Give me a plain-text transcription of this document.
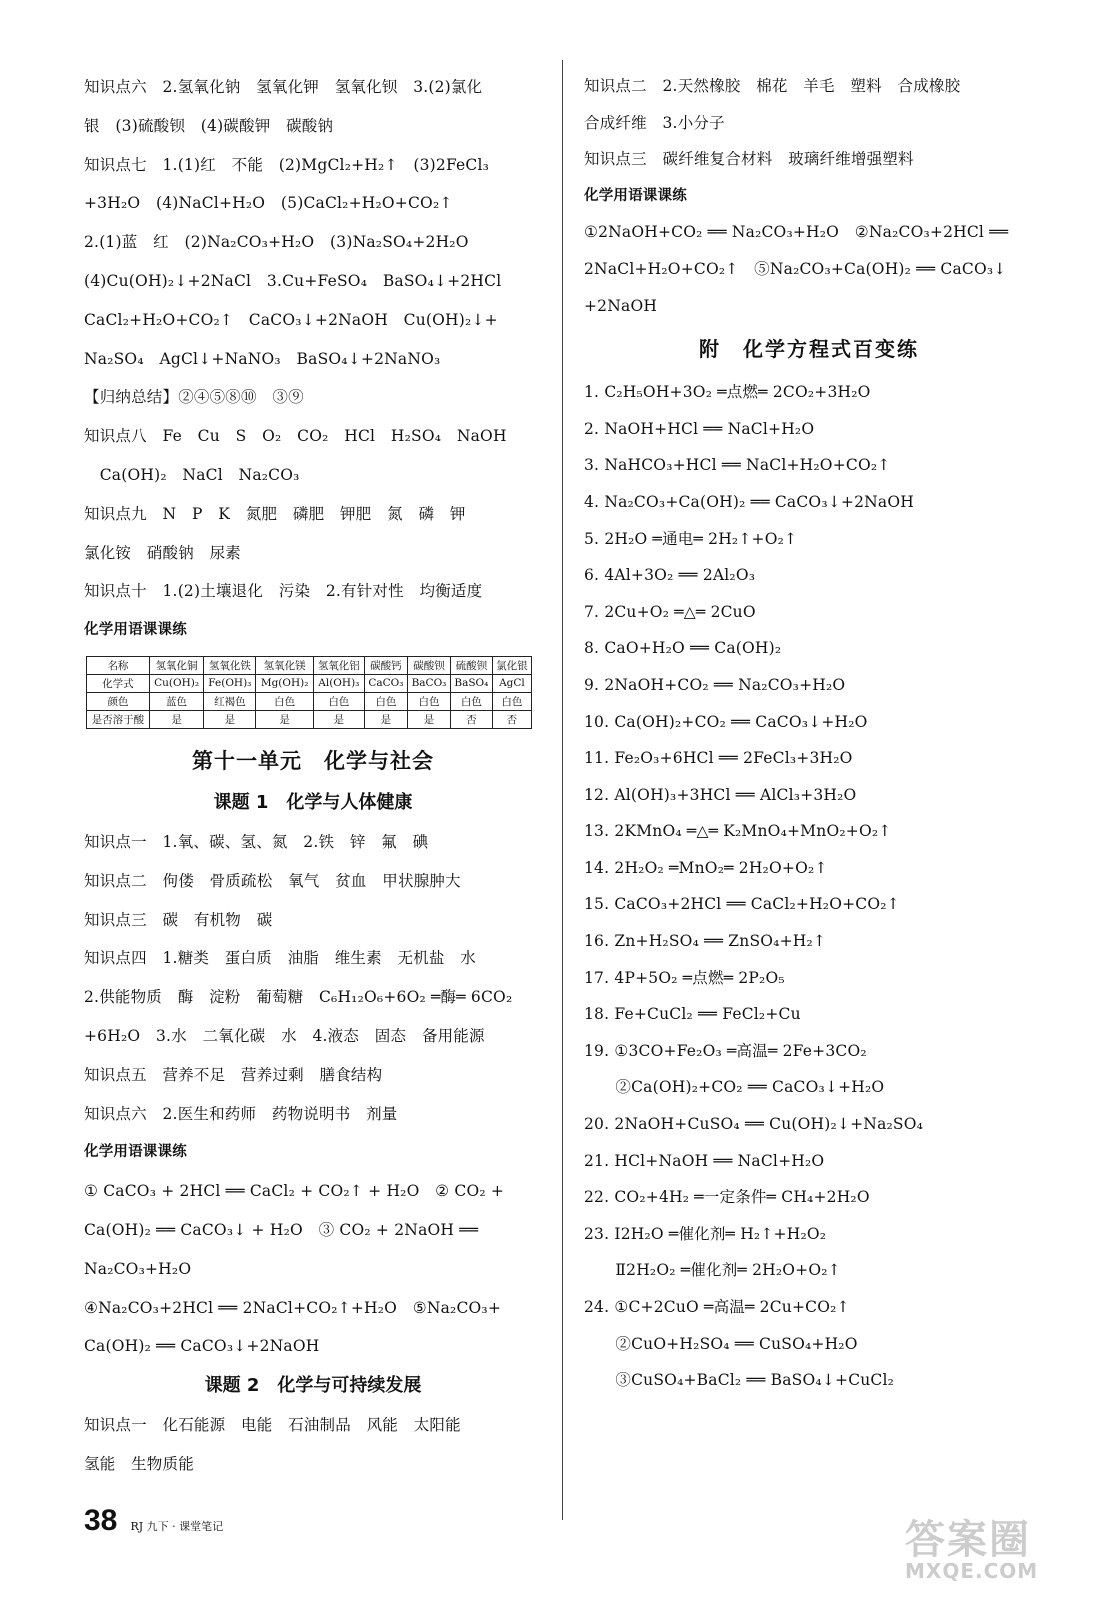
知识点六　2.氢氧化钠　氢氧化钾　氢氧化钡　3.(2)氯化
银　(3)硫酸钡　(4)碳酸钾　碳酸钠
知识点七　1.(1)红　不能　(2)MgCl₂+H₂↑　(3)2FeCl₃
+3H₂O　(4)NaCl+H₂O　(5)CaCl₂+H₂O+CO₂↑
2.(1)蓝　红　(2)Na₂CO₃+H₂O　(3)Na₂SO₄+2H₂O
(4)Cu(OH)₂↓+2NaCl　3.Cu+FeSO₄　BaSO₄↓+2HCl
CaCl₂+H₂O+CO₂↑　CaCO₃↓+2NaOH　Cu(OH)₂↓+
Na₂SO₄　AgCl↓+NaNO₃　BaSO₄↓+2NaNO₃
【归纳总结】②④⑤⑧⑩　③⑨
知识点八　Fe　Cu　S　O₂　CO₂　HCl　H₂SO₄　NaOH
　Ca(OH)₂　NaCl　Na₂CO₃
知识点九　N　P　K　氮肥　磷肥　钾肥　氮　磷　钾
氯化铵　硝酸钠　尿素
知识点十　1.(2)土壤退化　污染　2.有针对性　均衡适度
化学用语课课练
名称	氢氧化铜	氢氧化铁	氢氧化镁	氢氧化铝	碳酸钙	碳酸钡	硫酸钡	氯化银
化学式	Cu(OH)₂	Fe(OH)₃	Mg(OH)₂	Al(OH)₃	CaCO₃	BaCO₃	BaSO₄	AgCl
颜色	蓝色	红褐色	白色	白色	白色	白色	白色	白色
是否溶于酸	是	是	是	是	是	是	否	否
第十一单元　化学与社会
课题 1　化学与人体健康
知识点一　1.氧、碳、氢、氮　2.铁　锌　氟　碘
知识点二　佝偻　骨质疏松　氧气　贫血　甲状腺肿大
知识点三　碳　有机物　碳
知识点四　1.糖类　蛋白质　油脂　维生素　无机盐　水
2.供能物质　酶　淀粉　葡萄糖　C₆H₁₂O₆+6O₂ ═酶═ 6CO₂
+6H₂O　3.水　二氧化碳　水　4.液态　固态　备用能源
知识点五　营养不足　营养过剩　膳食结构
知识点六　2.医生和药师　药物说明书　剂量
化学用语课课练
① CaCO₃ + 2HCl ══ CaCl₂ + CO₂↑ + H₂O　② CO₂ +
Ca(OH)₂ ══ CaCO₃↓ + H₂O　③ CO₂ + 2NaOH ══
Na₂CO₃+H₂O
④Na₂CO₃+2HCl ══ 2NaCl+CO₂↑+H₂O　⑤Na₂CO₃+
Ca(OH)₂ ══ CaCO₃↓+2NaOH
课题 2　化学与可持续发展
知识点一　化石能源　电能　石油制品　风能　太阳能
氢能　生物质能
知识点二　2.天然橡胶　棉花　羊毛　塑料　合成橡胶
合成纤维　3.小分子
知识点三　碳纤维复合材料　玻璃纤维增强塑料
化学用语课课练
①2NaOH+CO₂ ══ Na₂CO₃+H₂O　②Na₂CO₃+2HCl ══
2NaCl+H₂O+CO₂↑　⑤Na₂CO₃+Ca(OH)₂ ══ CaCO₃↓
+2NaOH
附　化学方程式百变练
1. C₂H₅OH+3O₂ ═点燃═ 2CO₂+3H₂O
2. NaOH+HCl ══ NaCl+H₂O
3. NaHCO₃+HCl ══ NaCl+H₂O+CO₂↑
4. Na₂CO₃+Ca(OH)₂ ══ CaCO₃↓+2NaOH
5. 2H₂O ═通电═ 2H₂↑+O₂↑
6. 4Al+3O₂ ══ 2Al₂O₃
7. 2Cu+O₂ ═△═ 2CuO
8. CaO+H₂O ══ Ca(OH)₂
9. 2NaOH+CO₂ ══ Na₂CO₃+H₂O
10. Ca(OH)₂+CO₂ ══ CaCO₃↓+H₂O
11. Fe₂O₃+6HCl ══ 2FeCl₃+3H₂O
12. Al(OH)₃+3HCl ══ AlCl₃+3H₂O
13. 2KMnO₄ ═△═ K₂MnO₄+MnO₂+O₂↑
14. 2H₂O₂ ═MnO₂═ 2H₂O+O₂↑
15. CaCO₃+2HCl ══ CaCl₂+H₂O+CO₂↑
16. Zn+H₂SO₄ ══ ZnSO₄+H₂↑
17. 4P+5O₂ ═点燃═ 2P₂O₅
18. Fe+CuCl₂ ══ FeCl₂+Cu
19. ①3CO+Fe₂O₃ ═高温═ 2Fe+3CO₂
　　②Ca(OH)₂+CO₂ ══ CaCO₃↓+H₂O
20. 2NaOH+CuSO₄ ══ Cu(OH)₂↓+Na₂SO₄
21. HCl+NaOH ══ NaCl+H₂O
22. CO₂+4H₂ ═一定条件═ CH₄+2H₂O
23. Ⅰ2H₂O ═催化剂═ H₂↑+H₂O₂
　　Ⅱ2H₂O₂ ═催化剂═ 2H₂O+O₂↑
24. ①C+2CuO ═高温═ 2Cu+CO₂↑
　　②CuO+H₂SO₄ ══ CuSO₄+H₂O
　　③CuSO₄+BaCl₂ ══ BaSO₄↓+CuCl₂
38 RJ 九下 · 课堂笔记	答案圈
MXQE.COM
